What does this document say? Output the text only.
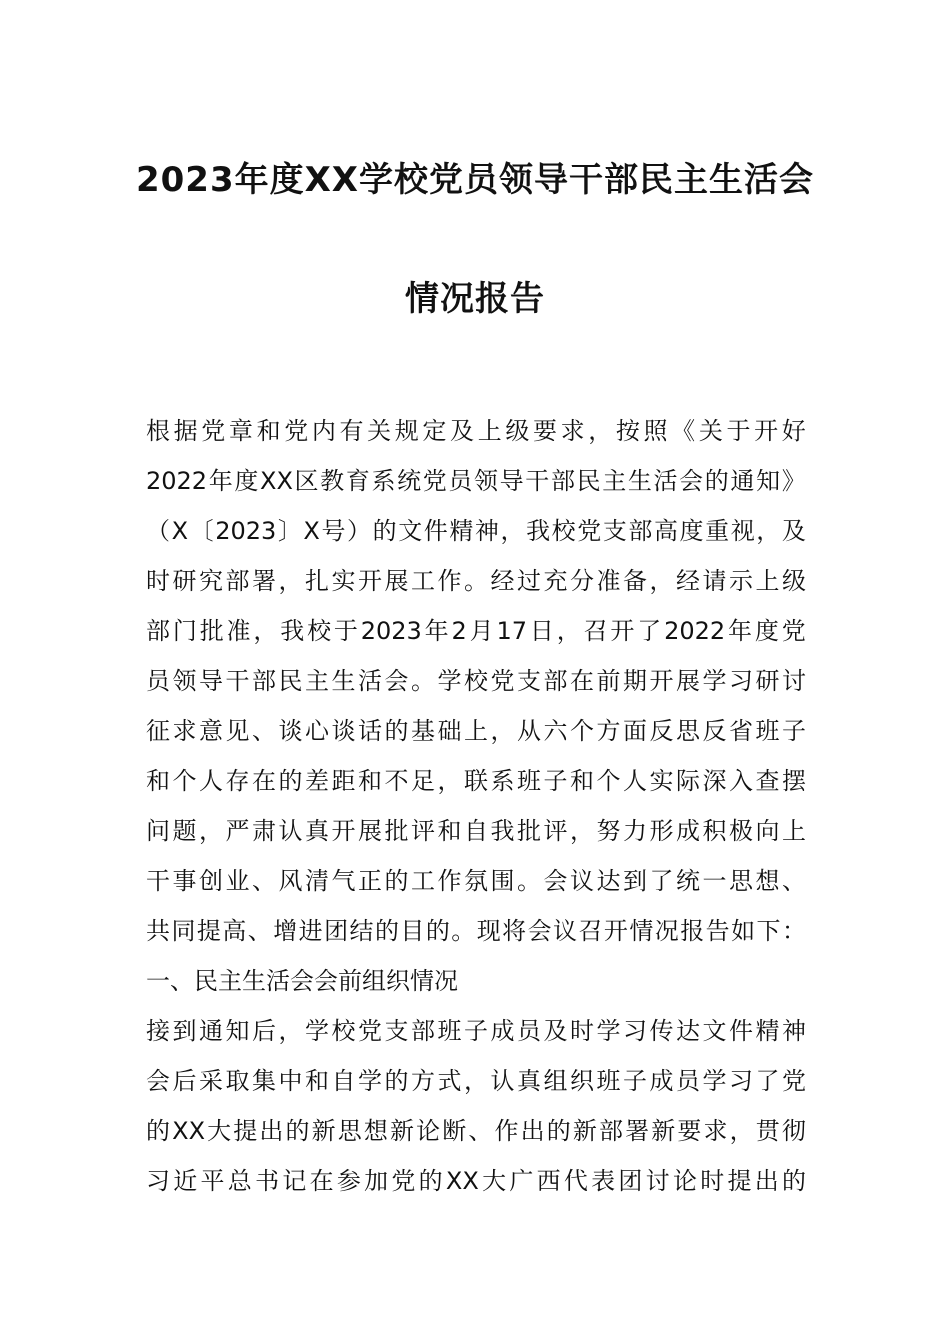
2023年度XX学校党员领导干部民主生活会
情况报告
根 据 党 章 和 党 内 有 关 规 定 及 上 级 要 求 ， 按 照 《 关 于 开 好
2022 年 度 XX 区 教 育 系 统 党 员 领 导 干 部 民 主 生 活 会 的 通 知 》
（ X 〔 2023 〕 X 号 ） 的 文 件 精 神 ， 我 校 党 支 部 高 度 重 视 ， 及
时 研 究 部 署 ， 扎 实 开 展 工 作 。 经 过 充 分 准 备 ， 经 请 示 上 级
部 门 批 准 ， 我 校 于 2023 年 2 月 17 日 ， 召 开 了 2022 年 度 党
员 领 导 干 部 民 主 生 活 会 。 学 校 党 支 部 在 前 期 开 展 学 习 研 讨
征 求 意 见 、 谈 心 谈 话 的 基 础 上 ， 从 六 个 方 面 反 思 反 省 班 子
和 个 人 存 在 的 差 距 和 不 足 ， 联 系 班 子 和 个 人 实 际 深 入 查 摆
问 题 ， 严 肃 认 真 开 展 批 评 和 自 我 批 评 ， 努 力 形 成 积 极 向 上
干 事 创 业 、 风 清 气 正 的 工 作 氛 围 。 会 议 达 到 了 统 一 思 想 、
共 同 提 高 、 增 进 团 结 的 目 的 。 现 将 会 议 召 开 情 况 报 告 如 下 ：
一、民主生活会会前组织情况
接 到 通 知 后 ， 学 校 党 支 部 班 子 成 员 及 时 学 习 传 达 文 件 精 神
会 后 采 取 集 中 和 自 学 的 方 式 ， 认 真 组 织 班 子 成 员 学 习 了 党
的 XX 大 提 出 的 新 思 想 新 论 断 、 作 出 的 新 部 署 新 要 求 ， 贯 彻
习 近 平 总 书 记 在 参 加 党 的 XX 大 广 西 代 表 团 讨 论 时 提 出 的
